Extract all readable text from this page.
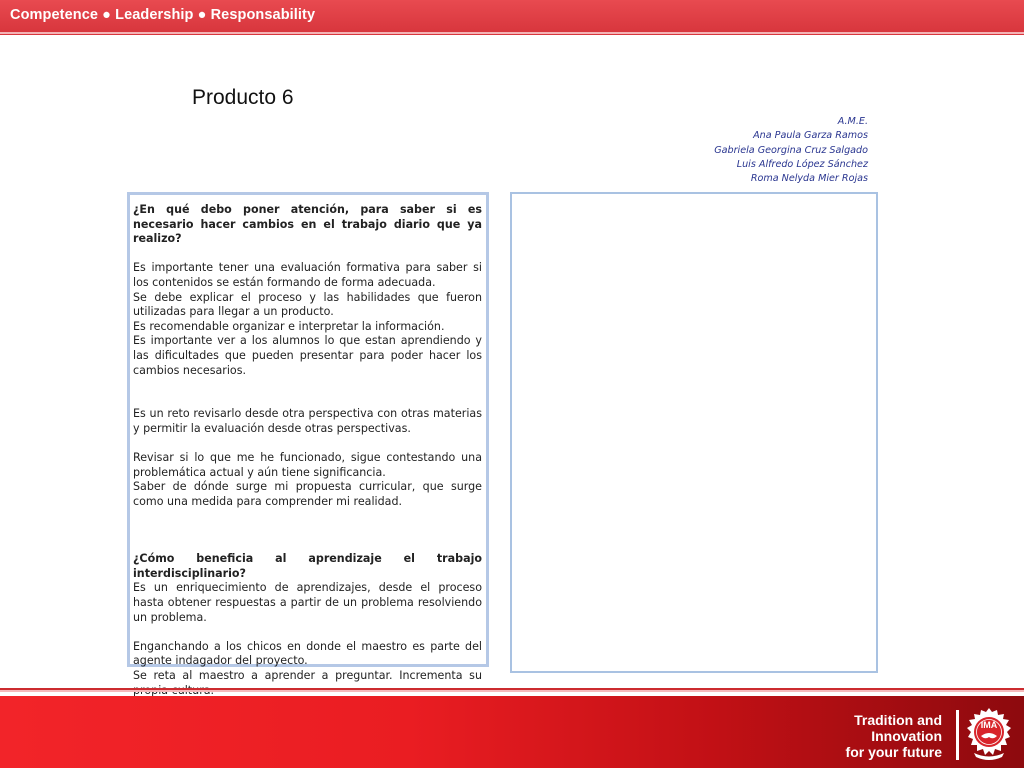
Competence ● Leadership ● Responsability
Producto 6
A.M.E.
Ana Paula Garza Ramos
Gabriela Georgina Cruz Salgado
Luis Alfredo López Sánchez
Roma Nelyda Mier Rojas

¿En qué debo poner atención, para saber si es necesario hacer cambios en el trabajo diario que ya realizo?

Es importante tener una evaluación formativa para saber si los contenidos se están formando de forma adecuada.

Se debe explicar el proceso y las habilidades que fueron utilizadas para llegar a un producto.

Es recomendable organizar e interpretar la información.

Es importante ver a los alumnos lo que estan aprendiendo y las dificultades que pueden presentar para poder hacer los cambios necesarios.

Es un reto revisarlo desde otra perspectiva con otras materias y permitir la evaluación desde otras perspectivas.

Revisar si lo que me he funcionado, sigue contestando una problemática actual y aún tiene significancia.

Saber de dónde surge mi propuesta curricular, que surge como una medida para comprender mi realidad.

¿Cómo beneficia al aprendizaje el trabajo interdisciplinario?

Es un enriquecimiento de aprendizajes, desde el proceso hasta obtener respuestas a partir de un problema resolviendo un problema.

Enganchando a los chicos en donde el maestro es parte del agente indagador del proyecto.

Se reta al maestro a aprender a preguntar. Incrementa su

Tradition and
Innovation
for your future
IMA
